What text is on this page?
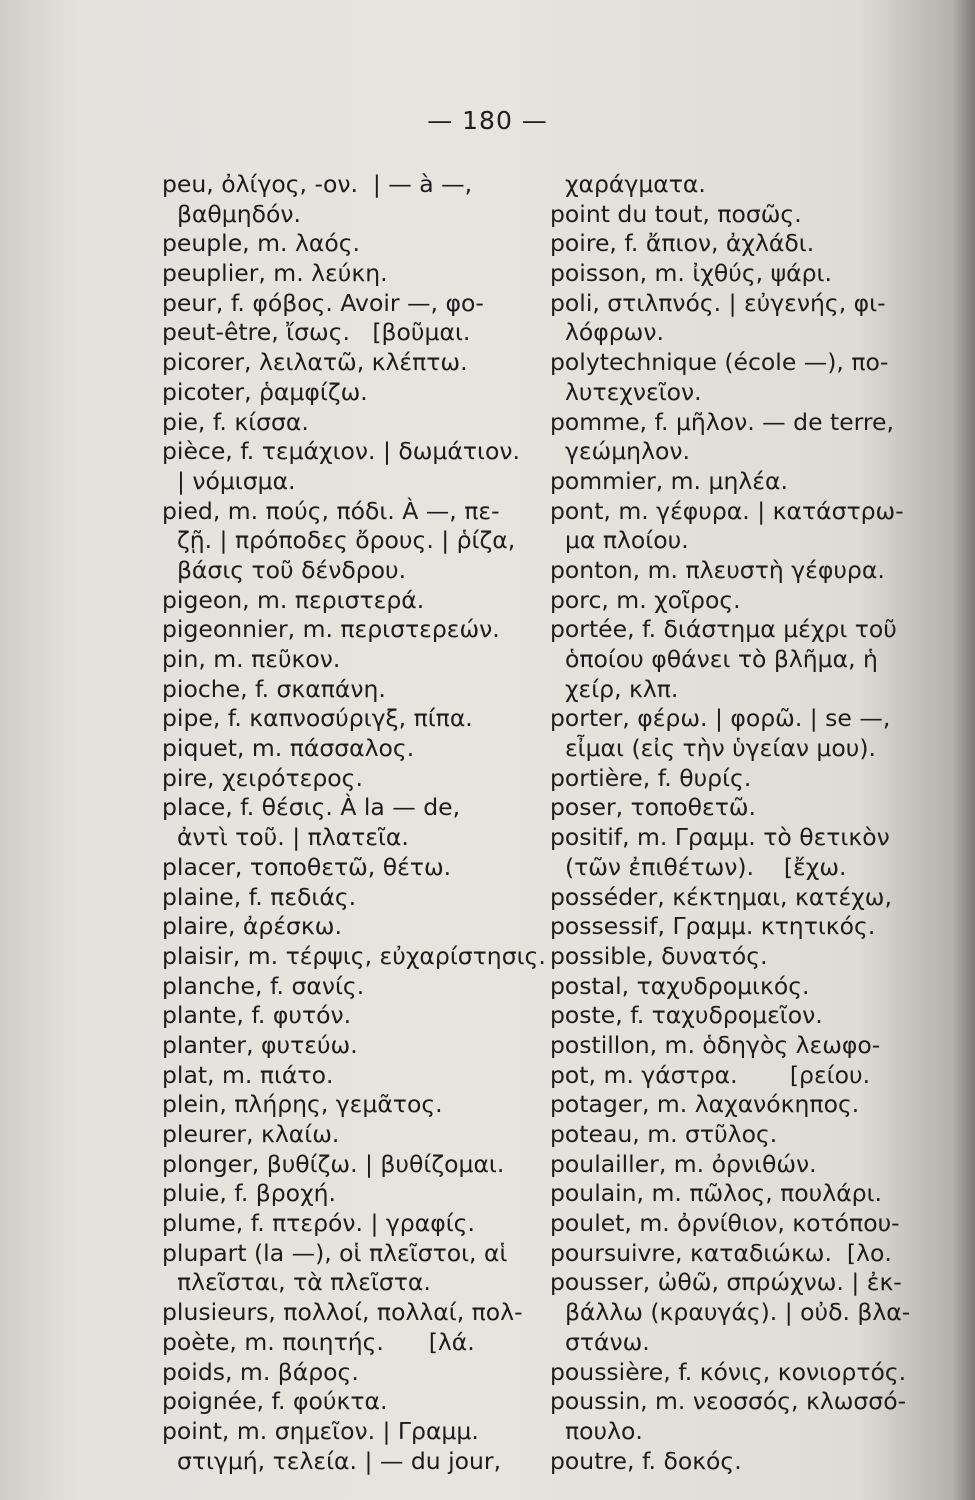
— 180 —
peu, ὀλίγος, -ον.  | — à —,
βαθμηδόν.
peuple, m. λαός.
peuplier, m. λεύκη.
peur, f. φόβος. Avoir —, φο-
peut-être, ἴσως.   [βοῦμαι.
picorer, λειλατῶ, κλέπτω.
picoter, ῥαμφίζω.
pie, f. κίσσα.
pièce, f. τεμάχιον. | δωμάτιον.
| νόμισμα.
pied, m. πούς, πόδι. À —, πε-
ζῇ. | πρόποδες ὄρους. | ῥίζα,
βάσις τοῦ δένδρου.
pigeon, m. περιστερά.
pigeonnier, m. περιστερεών.
pin, m. πεῦκον.
pioche, f. σκαπάνη.
pipe, f. καπνοσύριγξ, πίπα.
piquet, m. πάσσαλος.
pire, χειρότερος.
place, f. θέσις. À la — de,
ἀντὶ τοῦ. | πλατεῖα.
placer, τοποθετῶ, θέτω.
plaine, f. πεδιάς.
plaire, ἀρέσκω.
plaisir, m. τέρψις, εὐχαρίστησις.
planche, f. σανίς.
plante, f. φυτόν.
planter, φυτεύω.
plat, m. πιάτο.
plein, πλήρης, γεμᾶτος.
pleurer, κλαίω.
plonger, βυθίζω. | βυθίζομαι.
pluie, f. βροχή.
plume, f. πτερόν. | γραφίς.
plupart (la —), οἱ πλεῖστοι, αἱ
πλεῖσται, τὰ πλεῖστα.
plusieurs, πολλοί, πολλαί, πολ-
poète, m. ποιητής.      [λά.
poids, m. βάρος.
poignée, f. φούκτα.
point, m. σημεῖον. | Γραμμ.
στιγμή, τελεία. | — du jour,
χαράγματα.
point du tout, ποσῶς.
poire, f. ἄπιον, ἀχλάδι.
poisson, m. ἰχθύς, ψάρι.
poli, στιλπνός. | εὐγενής, φι-
λόφρων.
polytechnique (école —), πο-
λυτεχνεῖον.
pomme, f. μῆλον. — de terre,
γεώμηλον.
pommier, m. μηλέα.
pont, m. γέφυρα. | κατάστρω-
μα πλοίου.
ponton, m. πλευστὴ γέφυρα.
porc, m. χοῖρος.
portée, f. διάστημα μέχρι τοῦ
ὁποίου φθάνει τὸ βλῆμα, ἡ
χείρ, κλπ.
porter, φέρω. | φορῶ. | se —,
εἶμαι (εἰς τὴν ὑγείαν μου).
portière, f. θυρίς.
poser, τοποθετῶ.
positif, m. Γραμμ. τὸ θετικὸν
(τῶν ἐπιθέτων).    [ἔχω.
posséder, κέκτημαι, κατέχω,
possessif, Γραμμ. κτητικός.
possible, δυνατός.
postal, ταχυδρομικός.
poste, f. ταχυδρομεῖον.
postillon, m. ὁδηγὸς λεωφο-
pot, m. γάστρα.       [ρείου.
potager, m. λαχανόκηπος.
poteau, m. στῦλος.
poulailler, m. ὀρνιθών.
poulain, m. πῶλος, πουλάρι.
poulet, m. ὀρνίθιον, κοτόπου-
poursuivre, καταδιώκω.  [λο.
pousser, ὠθῶ, σπρώχνω. | ἐκ-
βάλλω (κραυγάς). | οὐδ. βλα-
στάνω.
poussière, f. κόνις, κονιορτός.
poussin, m. νεοσσός, κλωσσό-
πουλο.
poutre, f. δοκός.
